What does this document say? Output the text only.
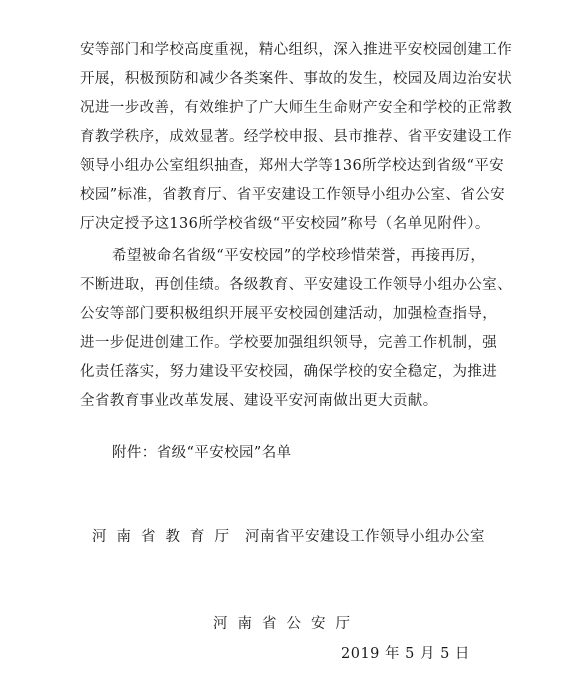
安等部门和学校高度重视，精心组织，深入推进平安校园创建工作
开展，积极预防和减少各类案件、事故的发生，校园及周边治安状
况进一步改善，有效维护了广大师生生命财产安全和学校的正常教
育教学秩序，成效显著。经学校申报、县市推荐、省平安建设工作
领导小组办公室组织抽查，郑州大学等136所学校达到省级“平安
校园”标准，省教育厅、省平安建设工作领导小组办公室、省公安
厅决定授予这136所学校省级“平安校园”称号（名单见附件）。
希望被命名省级“平安校园”的学校珍惜荣誉，再接再厉，
不断进取，再创佳绩。各级教育、平安建设工作领导小组办公室、
公安等部门要积极组织开展平安校园创建活动，加强检查指导，
进一步促进创建工作。学校要加强组织领导，完善工作机制，强
化责任落实，努力建设平安校园，确保学校的安全稳定，为推进
全省教育事业改革发展、建设平安河南做出更大贡献。
附件：省级“平安校园”名单
河南省教育厅 河南省平安建设工作领导小组办公室
河南省公安厅
2019 年 5 月 5 日
